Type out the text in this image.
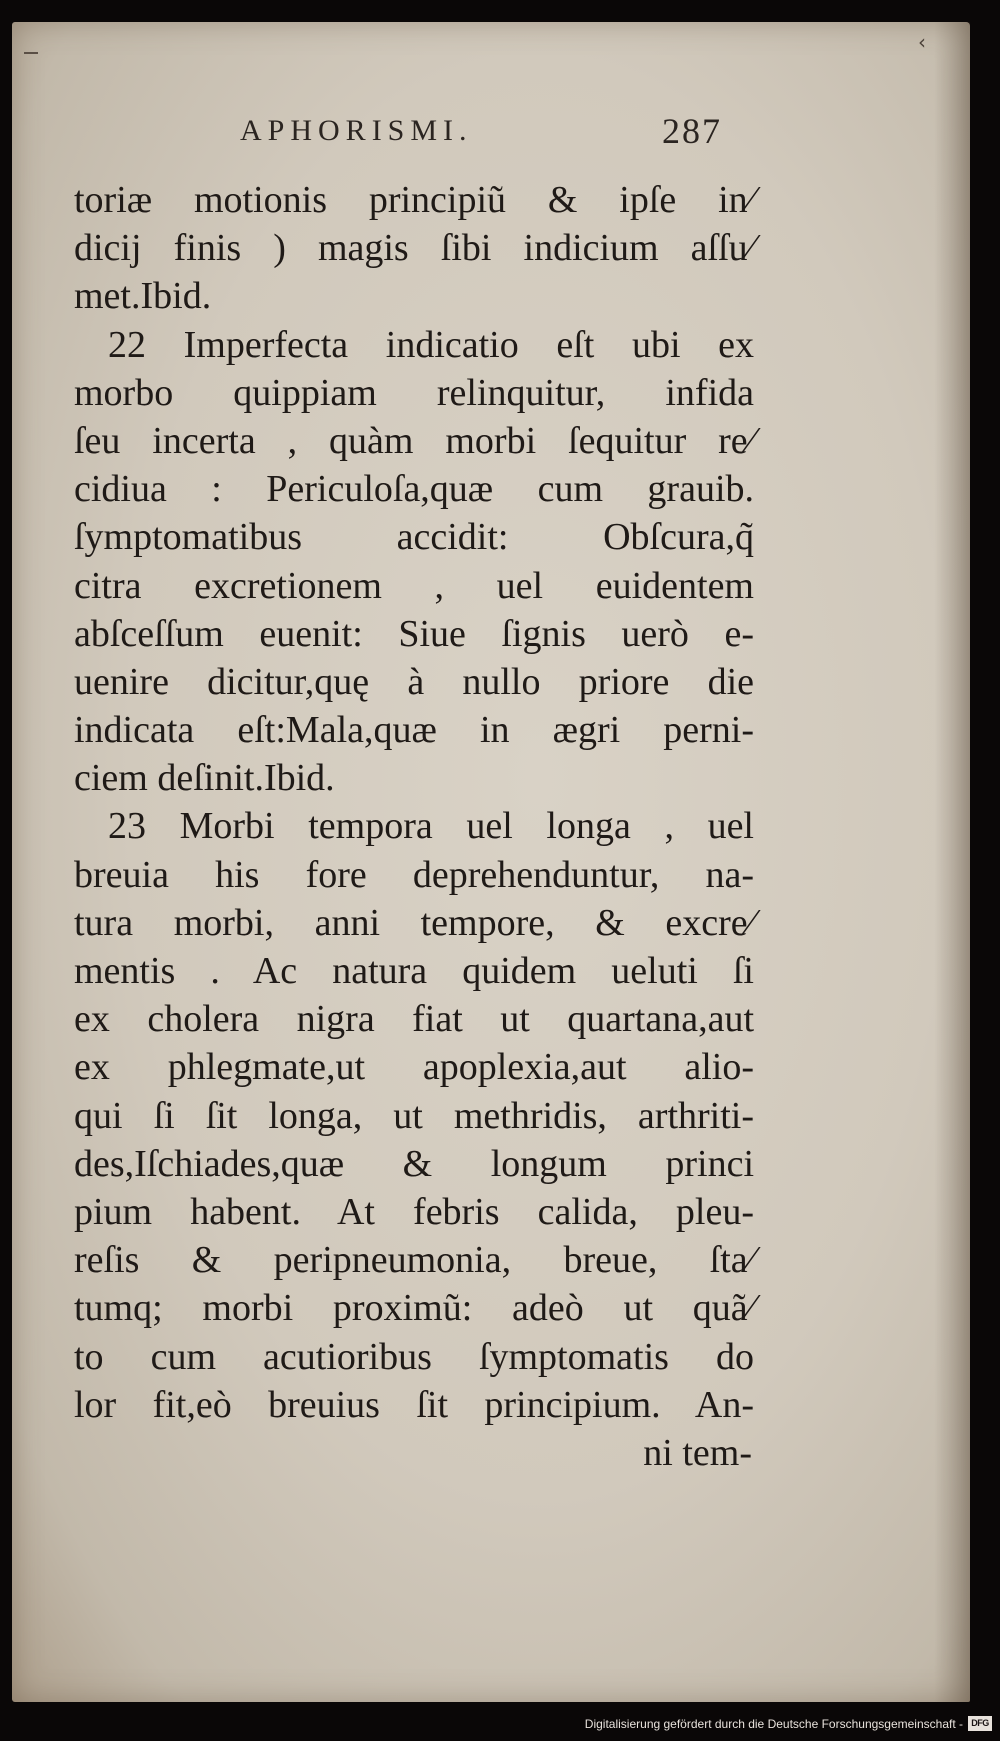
‹
APHORISMI.	287
toriæ motionis principiũ & ipſe in⁄
dicij finis ) magis ſibi indicium aſſu⁄
met.Ibid.
22 Imperfecta indicatio eſt ubi ex
morbo quippiam relinquitur, infida
ſeu incerta , quàm morbi ſequitur re⁄
cidiua : Periculoſa,quæ cum grauib.
ſymptomatibus accidit: Obſcura,q̃
citra excretionem , uel euidentem
abſceſſum euenit: Siue ſignis uerò e-
uenire dicitur,quę à nullo priore die
indicata eſt:Mala,quæ in ægri perni-
ciem deſinit.Ibid.
23 Morbi tempora uel longa , uel
breuia his fore deprehenduntur, na-
tura morbi, anni tempore, & excre⁄
mentis . Ac natura quidem ueluti ſi
ex cholera nigra fiat ut quartana,aut
ex phlegmate,ut apoplexia,aut alio-
qui ſi ſit longa, ut methridis, arthriti-
des,Iſchiades,quæ & longum princi
pium habent. At febris calida, pleu-
reſis & peripneumonia, breue, ſta⁄
tumq; morbi proximũ: adeò ut quã⁄
to cum acutioribus ſymptomatis do
lor fit,eò breuius ſit principium. An-
ni tem-
Digitalisierung gefördert durch die Deutsche Forschungsgemeinschaft - DFG
